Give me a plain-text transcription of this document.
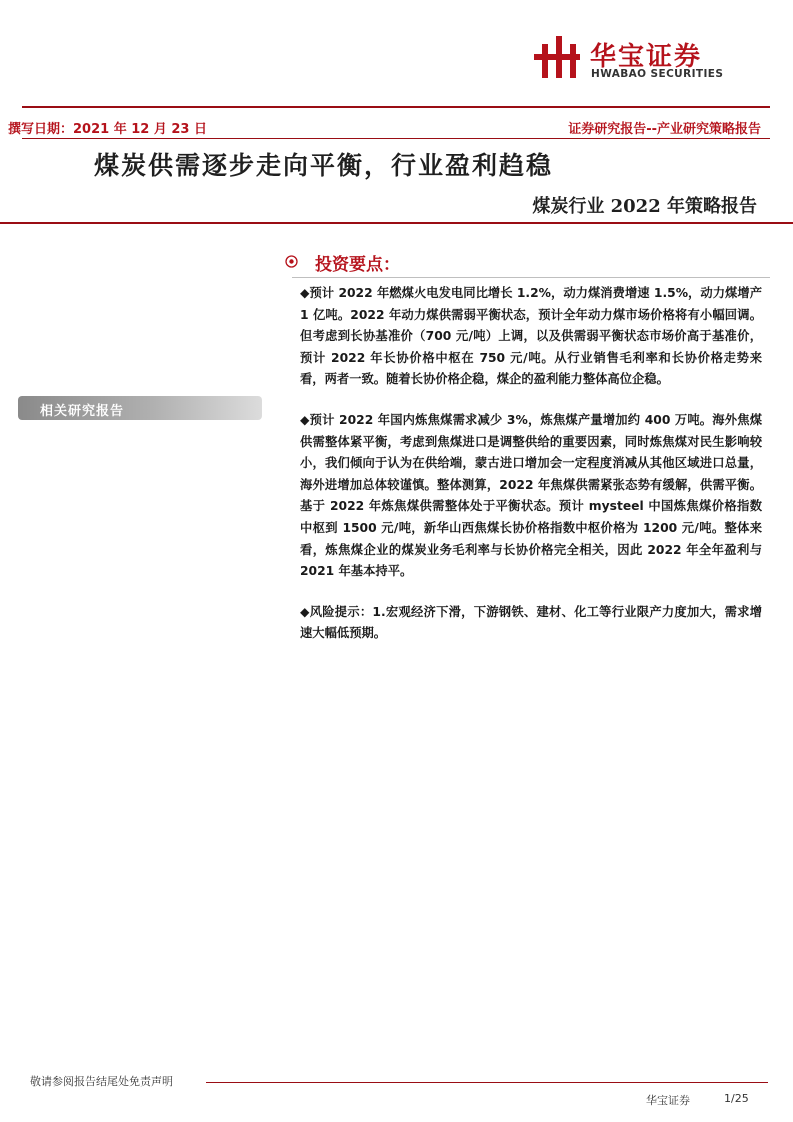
华宝证券
HWABAO SECURITIES
撰写日期：2021 年 12 月 23 日	证券研究报告--产业研究策略报告
煤炭供需逐步走向平衡，行业盈利趋稳
煤炭行业 2022 年策略报告
相关研究报告
投资要点：

◆预计 2022 年燃煤火电发电同比增长 1.2%，动力煤消费增速 1.5%，动力煤增产 1 亿吨。2022 年动力煤供需弱平衡状态，预计全年动力煤市场价格将有小幅回调。但考虑到长协基准价（700 元/吨）上调，以及供需弱平衡状态市场价高于基准价，预计 2022 年长协价格中枢在 750 元/吨。从行业销售毛利率和长协价格走势来看，两者一致。随着长协价格企稳，煤企的盈利能力整体高位企稳。

◆预计 2022 年国内炼焦煤需求减少 3%，炼焦煤产量增加约 400 万吨。海外焦煤供需整体紧平衡，考虑到焦煤进口是调整供给的重要因素，同时炼焦煤对民生影响较小，我们倾向于认为在供给端，蒙古进口增加会一定程度消减从其他区域进口总量，海外进增加总体较谨慎。整体测算，2022 年焦煤供需紧张态势有缓解，供需平衡。基于 2022 年炼焦煤供需整体处于平衡状态。预计 mysteel 中国炼焦煤价格指数中枢到 1500 元/吨，新华山西焦煤长协价格指数中枢价格为 1200 元/吨。整体来看，炼焦煤企业的煤炭业务毛利率与长协价格完全相关，因此 2022 年全年盈利与 2021 年基本持平。

◆风险提示：1.宏观经济下滑，下游钢铁、建材、化工等行业限产力度加大，需求增速大幅低预期。

敬请参阅报告结尾处免责声明
华宝证券	1/25
